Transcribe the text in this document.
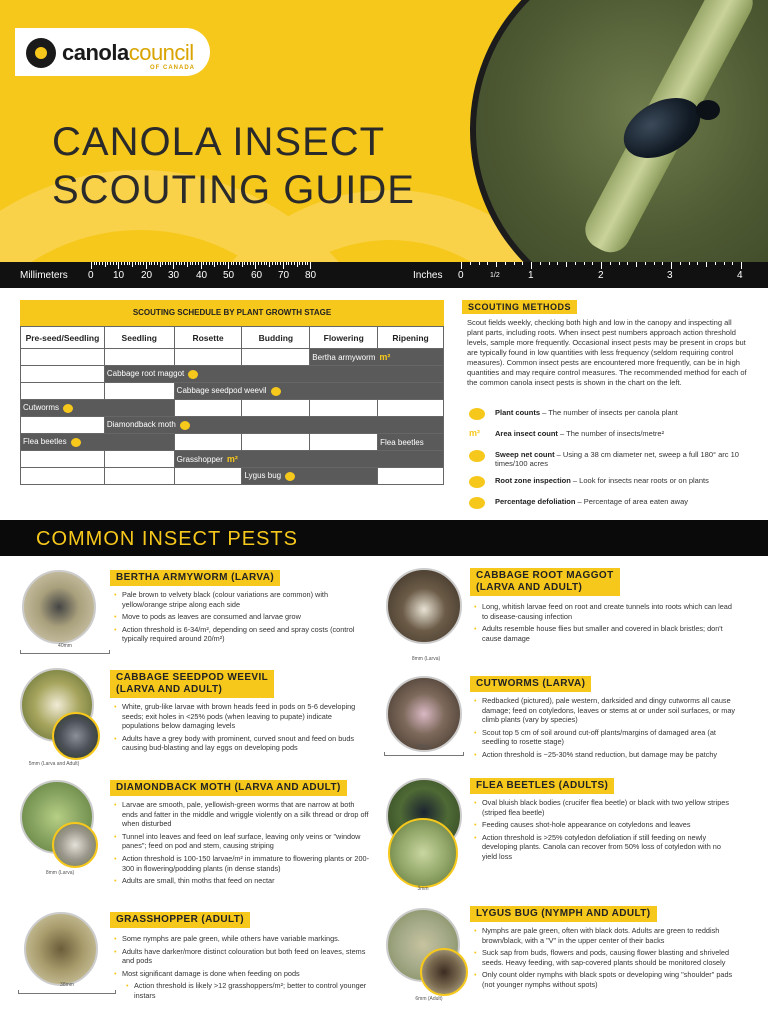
canolacouncil
OF CANADA
CANOLA INSECT
SCOUTING GUIDE
Millimeters 0 10 20 30 40 50 60 70 80	Inches 0	1/2	1	2	3	4
SCOUTING SCHEDULE BY PLANT GROWTH STAGE
Pre-seed/Seedling	Seedling	Rosette	Budding	Flowering	Ripening
				Bertha armyworm m²	
	Cabbage root maggot				
		Cabbage seedpod weevil			
Cutworms					
	Diamondback moth				
Flea beetles					Flea beetles
		Grasshopper m²			
			Lygus bug		
SCOUTING METHODS
Scout fields weekly, checking both high and low in the canopy and inspecting all plant parts, including roots. When insect pest numbers approach action threshold levels, sample more frequently. Occasional insect pests may be present in crops but are typically found in low quantities with less frequency (seldom requiring control measures). Common insect pests are encountered more frequently, can be in high quantities and may require control measures. The recommended method for each of the common canola insect pests is shown in the chart on the left.
Plant counts – The number of insects per canola plant
m²	Area insect count – The number of insects/metre²
Sweep net count – Using a 38 cm diameter net, sweep a full 180° arc 10 times/100 acres
Root zone inspection – Look for insects near roots or on plants
Percentage defoliation – Percentage of area eaten away
COMMON INSECT PESTS
40mm
BERTHA ARMYWORM (LARVA)
• Pale brown to velvety black (colour variations are common) with yellow/orange stripe along each side
• Move to pods as leaves are consumed and larvae grow
• Action threshold is 6-34/m², depending on seed and spray costs (control typically required around 20/m²)
8mm (Larva)
CABBAGE ROOT MAGGOT
(LARVA AND ADULT)
• Long, whitish larvae feed on root and create tunnels into roots which can lead to disease-causing infection
• Adults resemble house flies but smaller and covered in black bristles; don't cause damage
5mm (Larva and Adult)
CABBAGE SEEDPOD WEEVIL
(LARVA AND ADULT)
• White, grub-like larvae with brown heads feed in pods on 5-6 developing seeds; exit holes in <25% pods (when leaving to pupate) indicate populations below damaging levels
• Adults have a grey body with prominent, curved snout and feed on buds causing bud-blasting and lay eggs on developing pods	50mm
CUTWORMS (LARVA)
• Redbacked (pictured), pale western, darksided and dingy cutworms all cause damage; feed on cotyledons, leaves or stems at or under soil surfaces, or may climb plants (vary by species)
• Scout top 5 cm of soil around cut-off plants/margins of damaged area (at seedling to rosette stage)
• Action threshold is ~25-30% stand reduction, but damage may be patchy
8mm (Larva)
DIAMONDBACK MOTH (LARVA AND ADULT)
• Larvae are smooth, pale, yellowish-green worms that are narrow at both ends and fatter in the middle and wriggle violently on a silk thread or drop off when disturbed
• Tunnel into leaves and feed on leaf surface, leaving only veins or "window panes"; feed on pod and stem, causing striping
• Action threshold is 100-150 larvae/m² in immature to flowering plants or 200-300 in flowering/podding plants (in dense stands)
• Adults are small, thin moths that feed on nectar
3mm
FLEA BEETLES (ADULTS)
• Oval bluish black bodies (crucifer flea beetle) or black with two yellow stripes (striped flea beetle)
• Feeding causes shot-hole appearance on cotyledons and leaves
• Action threshold is >25% cotyledon defoliation if still feeding on newly developing plants. Canola can recover from 50% loss of cotyledon with no yield loss
38mm
GRASSHOPPER (ADULT)
• Some nymphs are pale green, while others have variable markings.
• Adults have darker/more distinct colouration but both feed on leaves, stems and pods
• Most significant damage is done when feeding on pods
• Action threshold is likely >12 grasshoppers/m²; better to control younger instars	6mm (Adult)
LYGUS BUG (NYMPH AND ADULT)
• Nymphs are pale green, often with black dots. Adults are green to reddish brown/black, with a "V" in the upper center of their backs
• Suck sap from buds, flowers and pods, causing flower blasting and shriveled seeds. Heavy feeding, with sap-covered plants should be monitored closely
• Only count older nymphs with black spots or developing wing "shoulder" pads (not younger nymphs without spots)
